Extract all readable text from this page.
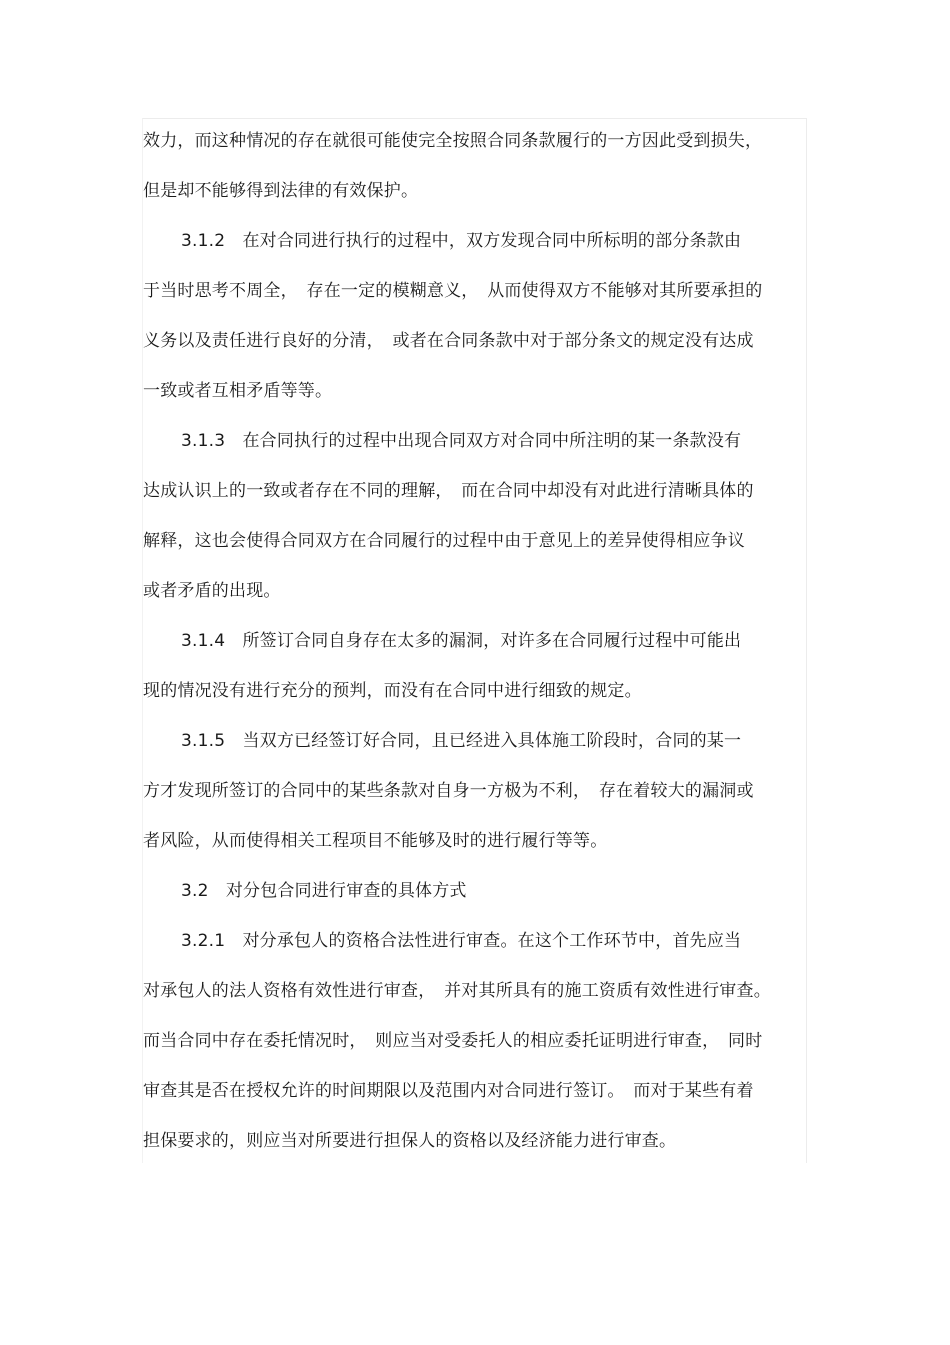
效力，而这种情况的存在就很可能使完全按照合同条款履行的一方因此受到损失，
但是却不能够得到法律的有效保护。
3.1.2　在对合同进行执行的过程中，双方发现合同中所标明的部分条款由
于当时思考不周全，　存在一定的模糊意义，　从而使得双方不能够对其所要承担的
义务以及责任进行良好的分清，　或者在合同条款中对于部分条文的规定没有达成
一致或者互相矛盾等等。
3.1.3　在合同执行的过程中出现合同双方对合同中所注明的某一条款没有
达成认识上的一致或者存在不同的理解，　而在合同中却没有对此进行清晰具体的
解释，这也会使得合同双方在合同履行的过程中由于意见上的差异使得相应争议
或者矛盾的出现。
3.1.4　所签订合同自身存在太多的漏洞，对许多在合同履行过程中可能出
现的情况没有进行充分的预判，而没有在合同中进行细致的规定。
3.1.5　当双方已经签订好合同，且已经进入具体施工阶段时，合同的某一
方才发现所签订的合同中的某些条款对自身一方极为不利，　存在着较大的漏洞或
者风险，从而使得相关工程项目不能够及时的进行履行等等。
3.2　对分包合同进行审查的具体方式
3.2.1　对分承包人的资格合法性进行审查。在这个工作环节中，首先应当
对承包人的法人资格有效性进行审查，　并对其所具有的施工资质有效性进行审查。
而当合同中存在委托情况时，　则应当对受委托人的相应委托证明进行审查，　同时
审查其是否在授权允许的时间期限以及范围内对合同进行签订。　而对于某些有着
担保要求的，则应当对所要进行担保人的资格以及经济能力进行审查。
